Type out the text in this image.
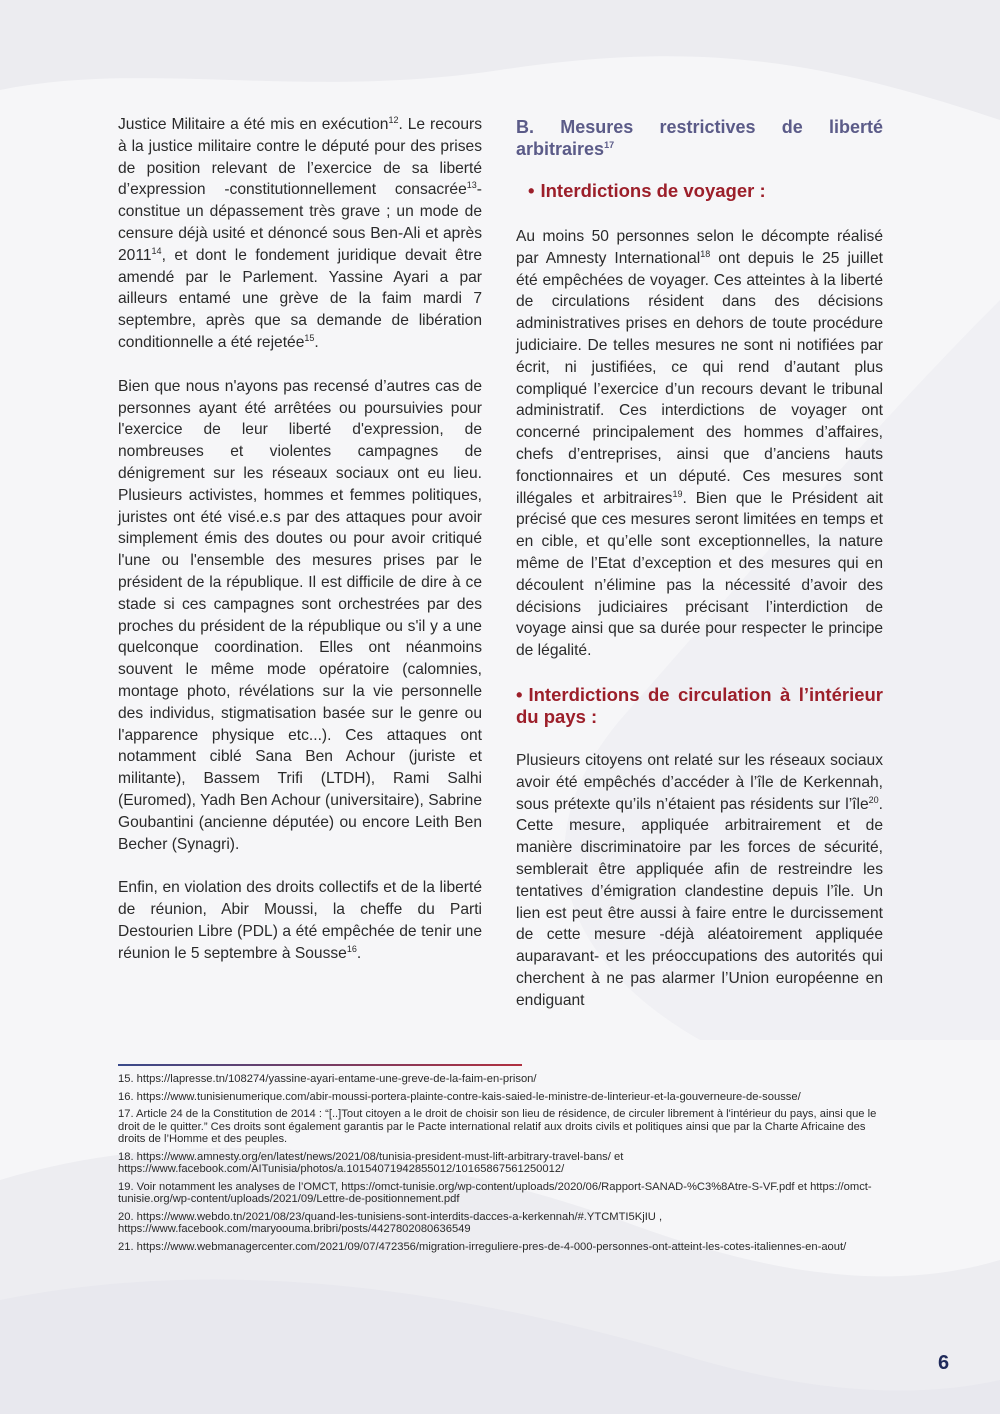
Justice Militaire a été mis en exécution$^{12}$. Le recours à la justice militaire contre le député pour des prises de position relevant de l’exercice de sa liberté d’expression -constitutionnellement consacrée$^{13}$- constitue un dépassement très grave ; un mode de censure déjà usité et dénoncé sous Ben-Ali et après 2011$^{14}$, et dont le fondement juridique devait être amendé par le Parlement. Yassine Ayari a par ailleurs entamé une grève de la faim mardi 7 septembre, après que sa demande de libération conditionnelle a été rejetée$^{15}$.

Bien que nous n'ayons pas recensé d’autres cas de personnes ayant été arrêtées ou poursuivies pour l'exercice de leur liberté d'expression, de nombreuses et violentes campagnes de dénigrement sur les réseaux sociaux ont eu lieu. Plusieurs activistes, hommes et femmes politiques, juristes ont été visé.e.s par des attaques pour avoir simplement émis des doutes ou pour avoir critiqué l'une ou l'ensemble des mesures prises par le président de la république. Il est difficile de dire à ce stade si ces campagnes sont orchestrées par des proches du président de la république ou s'il y a une quelconque coordination. Elles ont néanmoins souvent le même mode opératoire (calomnies, montage photo, révélations sur la vie personnelle des individus, stigmatisation basée sur le genre ou l'apparence physique etc...). Ces attaques ont notamment ciblé Sana Ben Achour (juriste et militante), Bassem Trifi (LTDH), Rami Salhi (Euromed), Yadh Ben Achour (universitaire), Sabrine Goubantini (ancienne députée) ou encore Leith Ben Becher (Synagri).

Enfin, en violation des droits collectifs et de la liberté de réunion, Abir Moussi, la cheffe du Parti Destourien Libre (PDL) a été empêchée de tenir une réunion le 5 septembre à Sousse$^{16}$.

B. Mesures restrictives de liberté arbitraires$^{17}$
• Interdictions de voyager :

Au moins 50 personnes selon le décompte réalisé par Amnesty International$^{18}$ ont depuis le 25 juillet été empêchées de voyager. Ces atteintes à la liberté de circulations résident dans des décisions administratives prises en dehors de toute procédure judiciaire. De telles mesures ne sont ni notifiées par écrit, ni justifiées, ce qui rend d’autant plus compliqué l’exercice d’un recours devant le tribunal administratif. Ces interdictions de voyager ont concerné principalement des hommes d’affaires, chefs d’entreprises, ainsi que d’anciens hauts fonctionnaires et un député. Ces mesures sont illégales et arbitraires$^{19}$. Bien que le Président ait précisé que ces mesures seront limitées en temps et en cible, et qu’elle sont exceptionnelles, la nature même de l’Etat d’exception et des mesures qui en découlent n’élimine pas la nécessité d’avoir des décisions judiciaires précisant l’interdiction de voyage ainsi que sa durée pour respecter le principe de légalité.

• Interdictions de circulation à l’intérieur du pays :

Plusieurs citoyens ont relaté sur les réseaux sociaux avoir été empêchés d’accéder à l’île de Kerkennah, sous prétexte qu’ils n’étaient pas résidents sur l’île$^{20}$. Cette mesure, appliquée arbitrairement et de manière discriminatoire par les forces de sécurité, semblerait être appliquée afin de restreindre les tentatives d’émigration clandestine depuis l’île. Un lien est peut être aussi à faire entre le durcissement de cette mesure -déjà aléatoirement appliquée auparavant- et les préoccupations des autorités qui cherchent à ne pas alarmer l’Union européenne en endiguant

15. https://lapresse.tn/108274/yassine-ayari-entame-une-greve-de-la-faim-en-prison/

16. https://www.tunisienumerique.com/abir-moussi-portera-plainte-contre-kais-saied-le-ministre-de-linterieur-et-la-gouverneure-de-sousse/

17. Article 24 de la Constitution de 2014 : “[..]Tout citoyen a le droit de choisir son lieu de résidence, de circuler librement à l'intérieur du pays, ainsi que le droit de le quitter.” Ces droits sont également garantis par le Pacte international relatif aux droits civils et politiques ainsi que par la Charte Africaine des droits de l’Homme et des peuples.

18. https://www.amnesty.org/en/latest/news/2021/08/tunisia-president-must-lift-arbitrary-travel-bans/ et https://www.facebook.com/AITunisia/photos/a.10154071942855012/10165867561250012/

19. Voir notamment les analyses de l’OMCT, https://omct-tunisie.org/wp-content/uploads/2020/06/Rapport-SANAD-%C3%8Atre-S-VF.pdf et https://omct-tunisie.org/wp-content/uploads/2021/09/Lettre-de-positionnement.pdf

20. https://www.webdo.tn/2021/08/23/quand-les-tunisiens-sont-interdits-dacces-a-kerkennah/#.YTCMTI5KjIU , https://www.facebook.com/maryoouma.bribri/posts/4427802080636549

21. https://www.webmanagercenter.com/2021/09/07/472356/migration-irreguliere-pres-de-4-000-personnes-ont-atteint-les-cotes-italiennes-en-aout/

6
